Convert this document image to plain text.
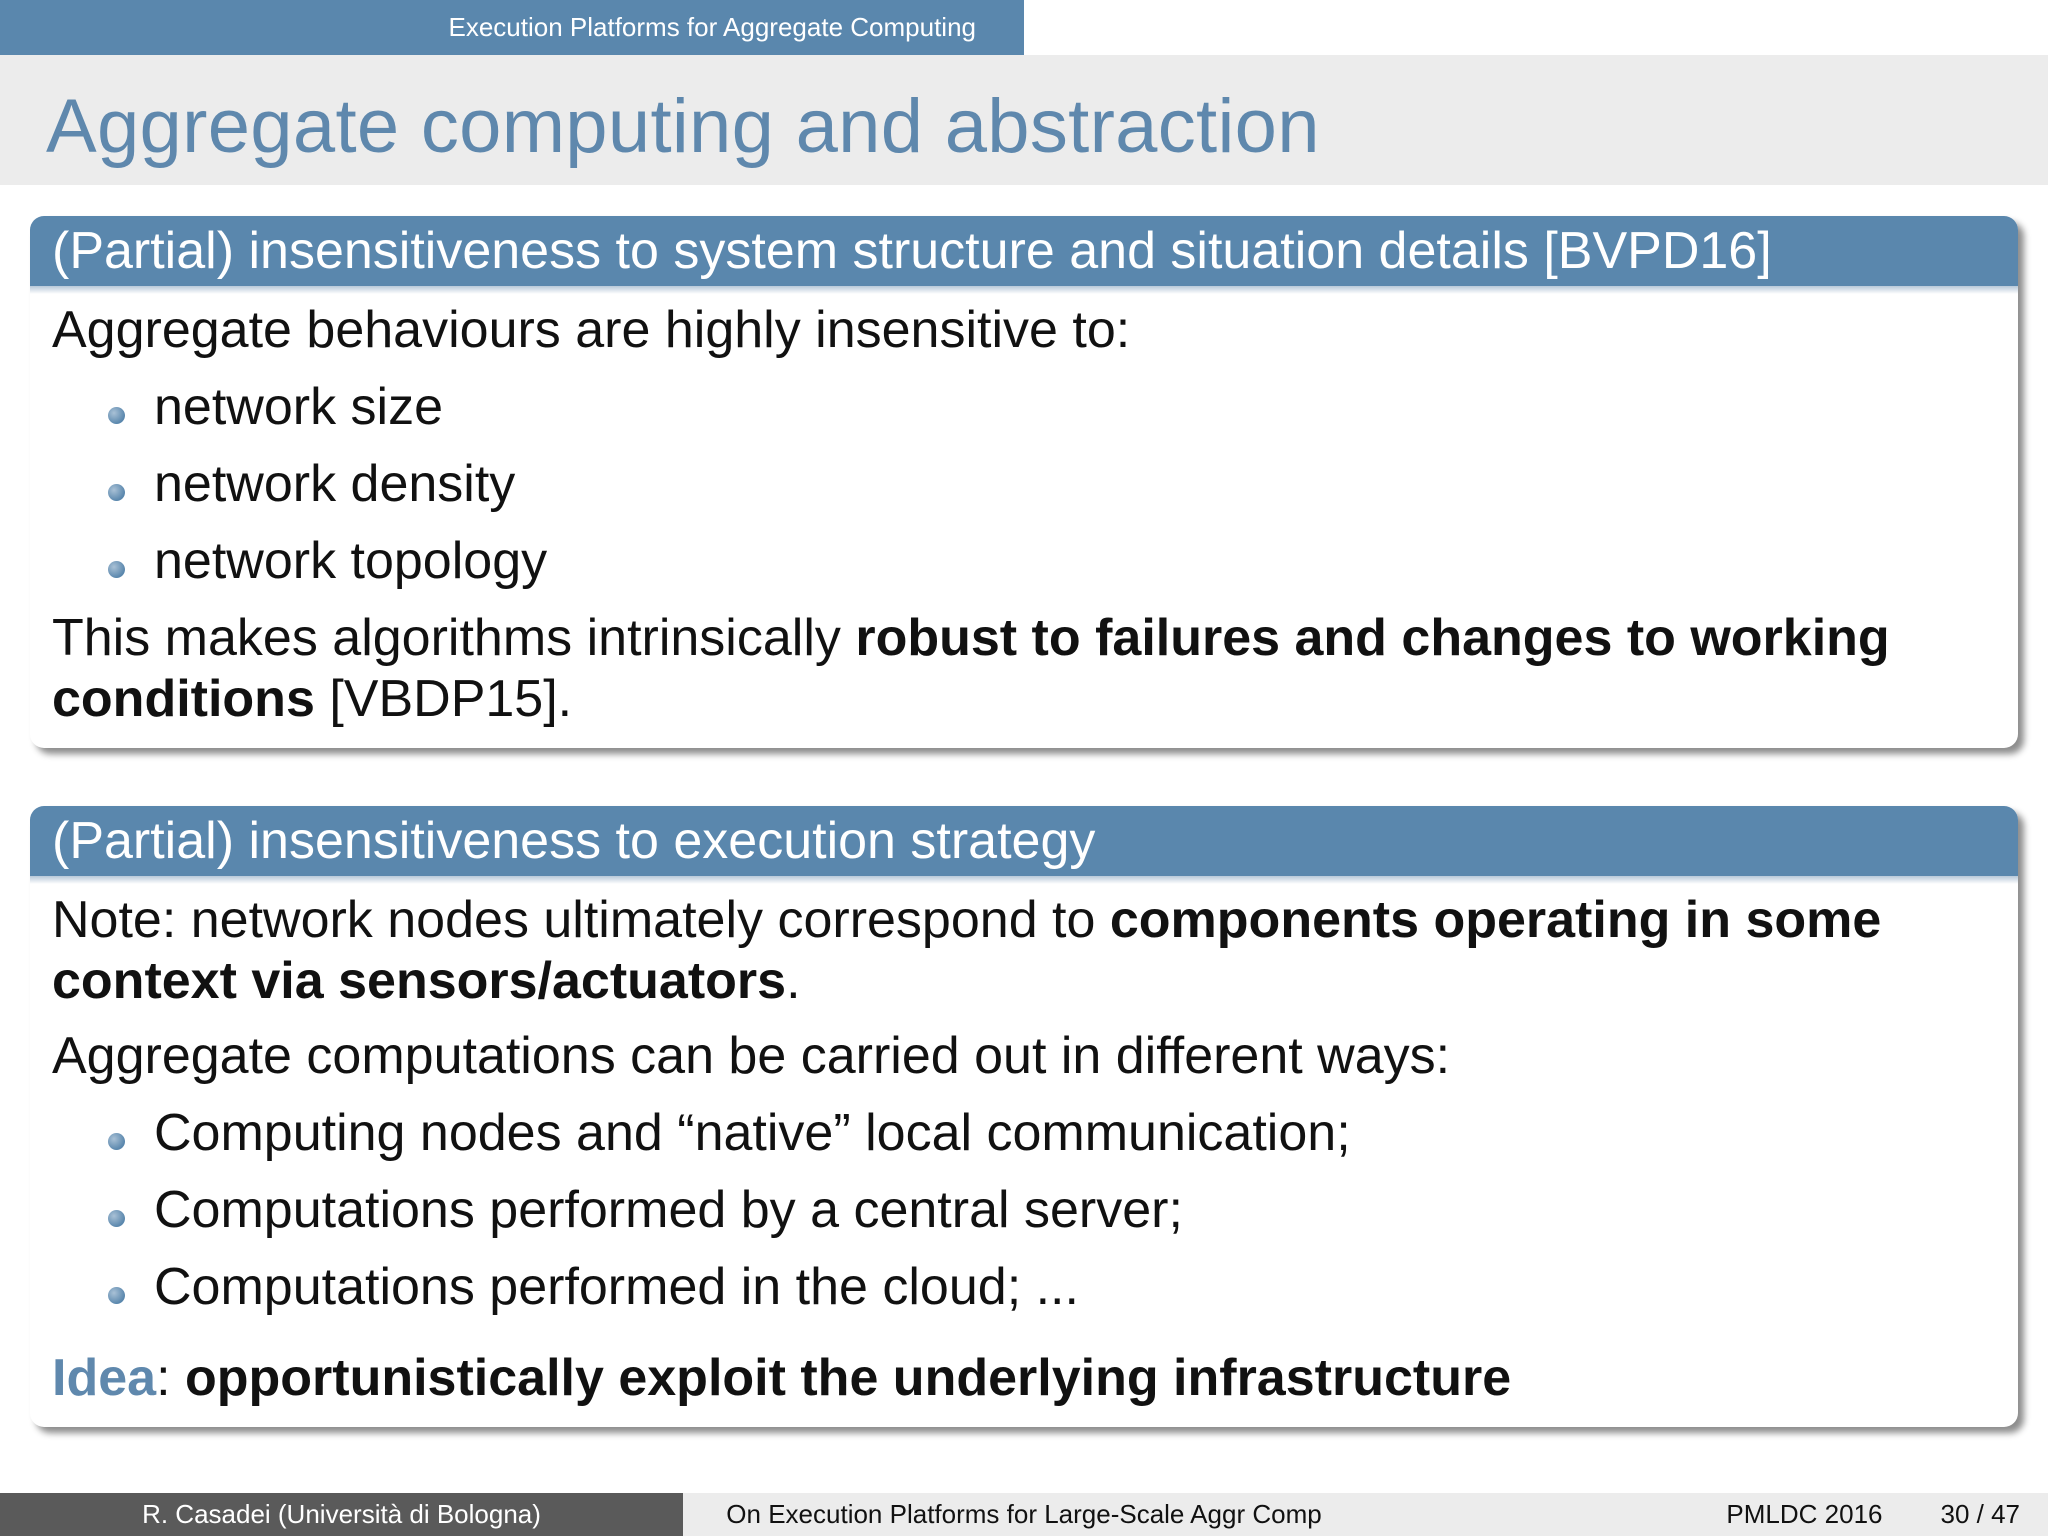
Execution Platforms for Aggregate Computing
Aggregate computing and abstraction
(Partial) insensitiveness to system structure and situation details [BVPD16]

Aggregate behaviours are highly insensitive to:

network size
network density
network topology

This makes algorithms intrinsically robust to failures and changes to working conditions [VBDP15].

(Partial) insensitiveness to execution strategy

Note: network nodes ultimately correspond to components operating in some context via sensors/actuators.

Aggregate computations can be carried out in different ways:

Computing nodes and “native” local communication;
Computations performed by a central server;
Computations performed in the cloud; ...

Idea: opportunistically exploit the underlying infrastructure

R. Casadei (Università di Bologna)	On Execution Platforms for Large-Scale Aggr Comp	PMLDC 2016 30 / 47
